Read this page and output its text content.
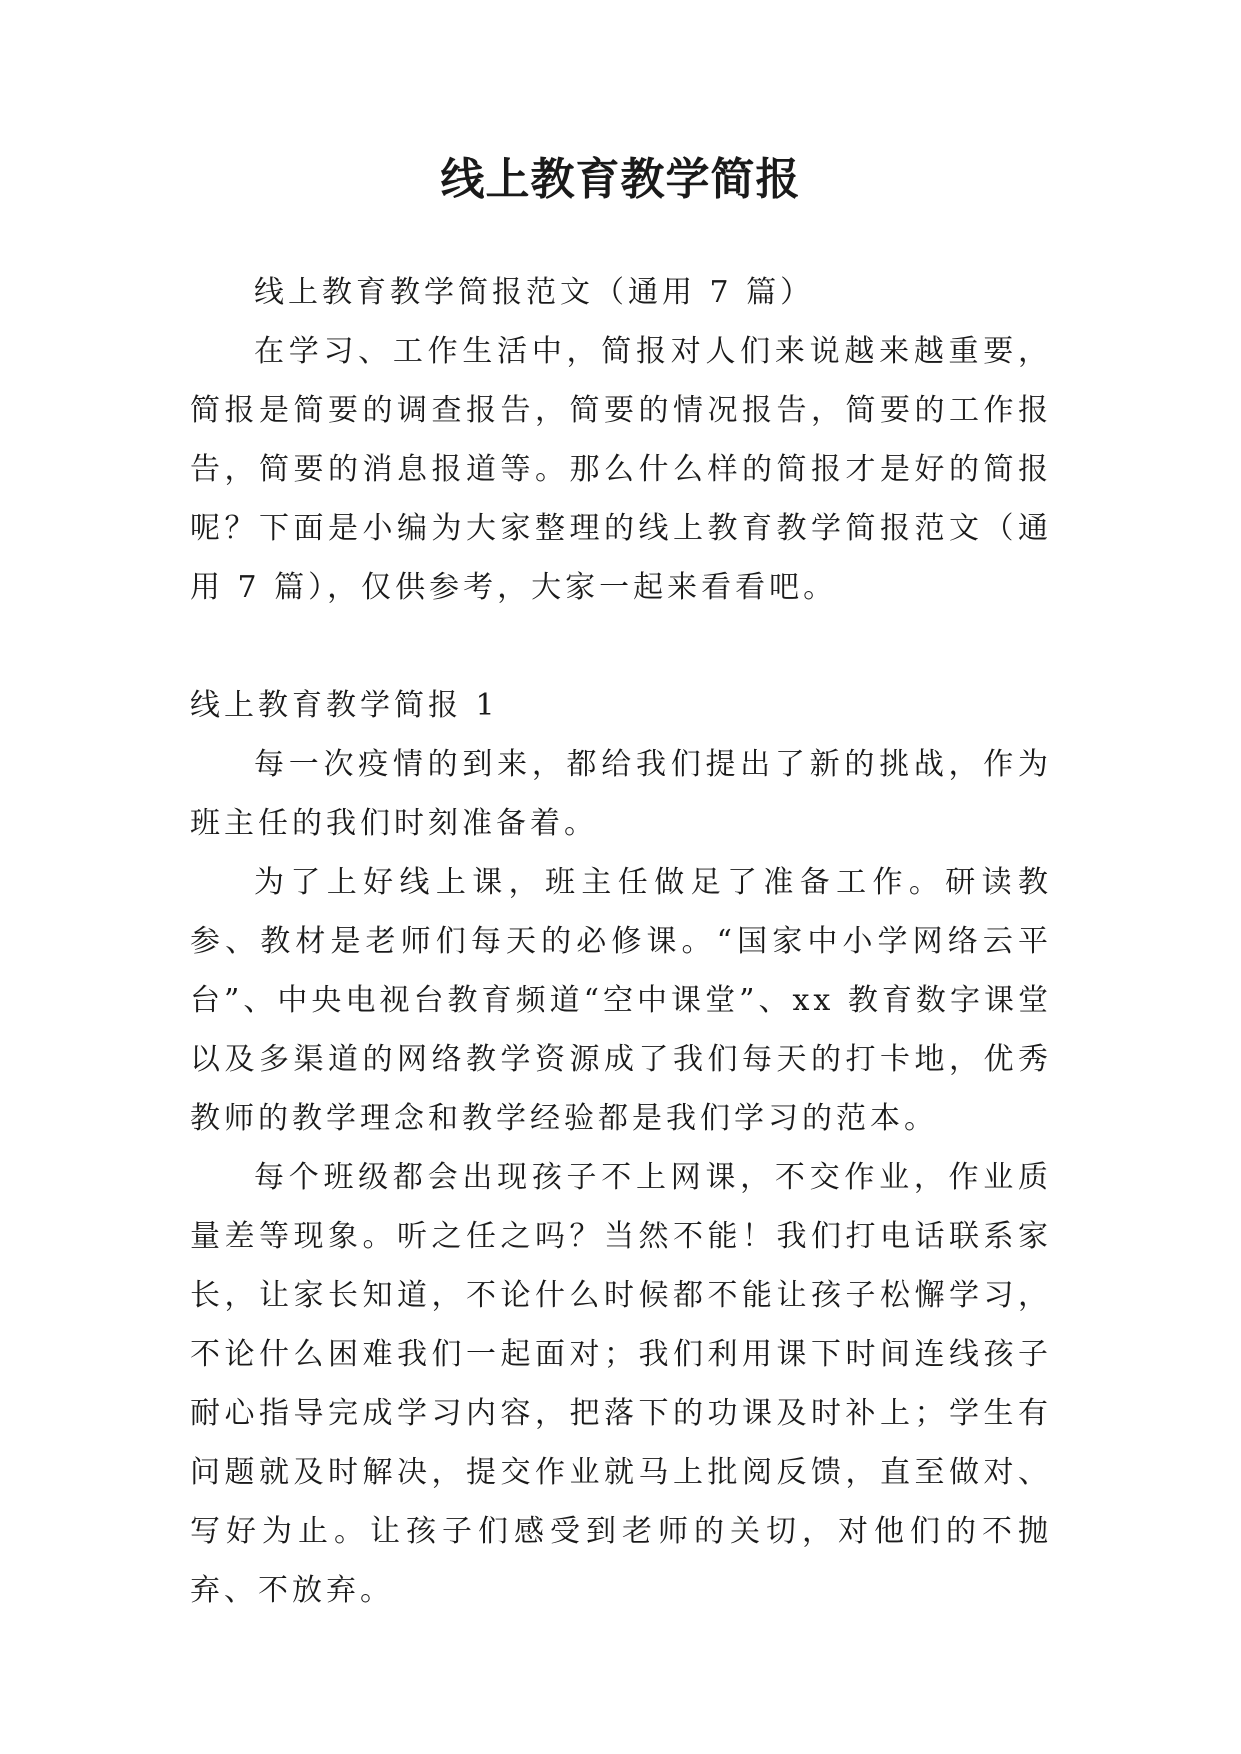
线上教育教学简报

线上教育教学简报范文（通用 7 篇）

在学习、工作生活中，简报对人们来说越来越重要，简报是简要的调查报告，简要的情况报告，简要的工作报告，简要的消息报道等。那么什么样的简报才是好的简报呢？下面是小编为大家整理的线上教育教学简报范文（通用 7 篇），仅供参考，大家一起来看看吧。

线上教育教学简报 1

每一次疫情的到来，都给我们提出了新的挑战，作为班主任的我们时刻准备着。

为了上好线上课，班主任做足了准备工作。研读教参、教材是老师们每天的必修课。“国家中小学网络云平台”、中央电视台教育频道“空中课堂”、xx 教育数字课堂以及多渠道的网络教学资源成了我们每天的打卡地，优秀教师的教学理念和教学经验都是我们学习的范本。

每个班级都会出现孩子不上网课，不交作业，作业质量差等现象。听之任之吗？当然不能！我们打电话联系家长，让家长知道，不论什么时候都不能让孩子松懈学习，不论什么困难我们一起面对；我们利用课下时间连线孩子耐心指导完成学习内容，把落下的功课及时补上；学生有问题就及时解决，提交作业就马上批阅反馈，直至做对、写好为止。让孩子们感受到老师的关切，对他们的不抛弃、不放弃。
